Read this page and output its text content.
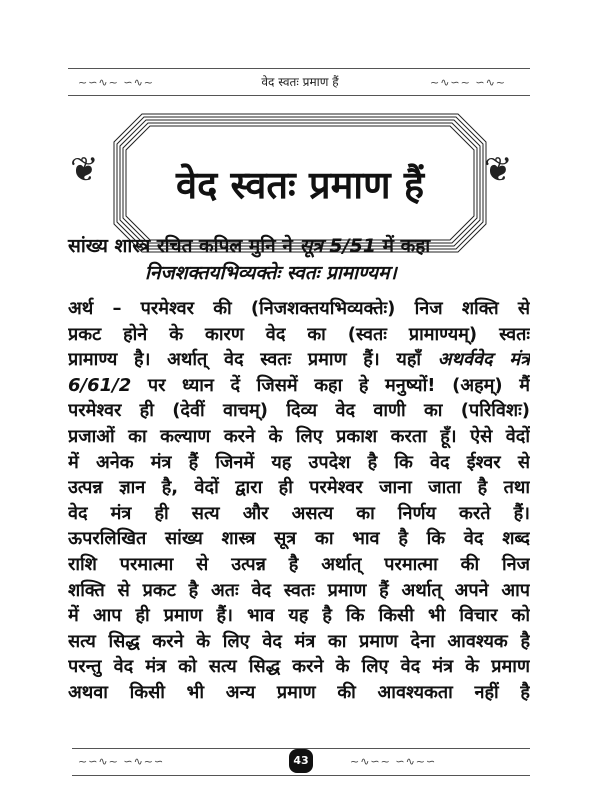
~∽∿~ ∽∿~	~∿∽~ ∽∿~
वेद स्वतः प्रमाण हैं
❦	❦
वेद स्वतः प्रमाण हैं
सांख्य शास्त्र रचित कपिल मुनि ने सूत्र 5/51 में कहा
निजशक्तयभिव्यक्तेः स्वतः प्रामाण्यम।
अर्थ – परमेश्वर की (निजशक्तयभिव्यक्तेः) निज शक्ति से
प्रकट होने के कारण वेद का (स्वतः प्रामाण्यम्) स्वतः
प्रामाण्य है। अर्थात् वेद स्वतः प्रमाण हैं। यहाँ अथर्ववेद मंत्र
6/61/2 पर ध्यान दें जिसमें कहा हे मनुष्यों! (अहम्) मैं
परमेश्वर ही (देवीं वाचम्) दिव्य वेद वाणी का (परिविशः)
प्रजाओं का कल्याण करने के लिए प्रकाश करता हूँ। ऐसे वेदों
में अनेक मंत्र हैं जिनमें यह उपदेश है कि वेद ईश्वर से
उत्पन्न ज्ञान है, वेदों द्वारा ही परमेश्वर जाना जाता है तथा
वेद मंत्र ही सत्य और असत्य का निर्णय करते हैं।
ऊपरलिखित सांख्य शास्त्र सूत्र का भाव है कि वेद शब्द
राशि परमात्मा से उत्पन्न है अर्थात् परमात्मा की निज
शक्ति से प्रकट है अतः वेद स्वतः प्रमाण हैं अर्थात् अपने आप
में आप ही प्रमाण हैं। भाव यह है कि किसी भी विचार को
सत्य सिद्ध करने के लिए वेद मंत्र का प्रमाण देना आवश्यक है
परन्तु वेद मंत्र को सत्य सिद्ध करने के लिए वेद मंत्र के प्रमाण
अथवा किसी भी अन्य प्रमाण की आवश्यकता नहीं है
~∽∿~ ∽∿~∽	~∿∽~ ∽∿~∽
43
